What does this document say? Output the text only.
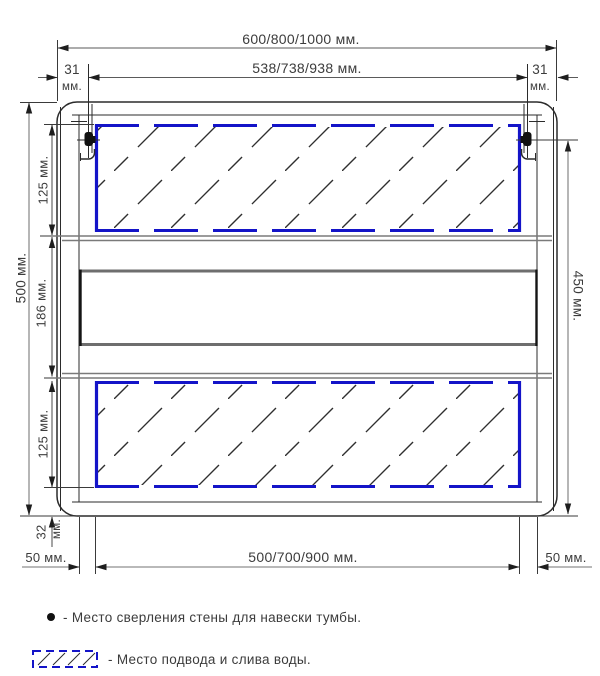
600/800/1000 мм.
538/738/938 мм.
31
мм.
31
мм.
500 мм.
125 мм.
186 мм.
125 мм.
32 мм.
450 мм.
50 мм.	500/700/900 мм.	50 мм.
- Место сверления стены для навески тумбы.
- Место подвода и слива воды.
